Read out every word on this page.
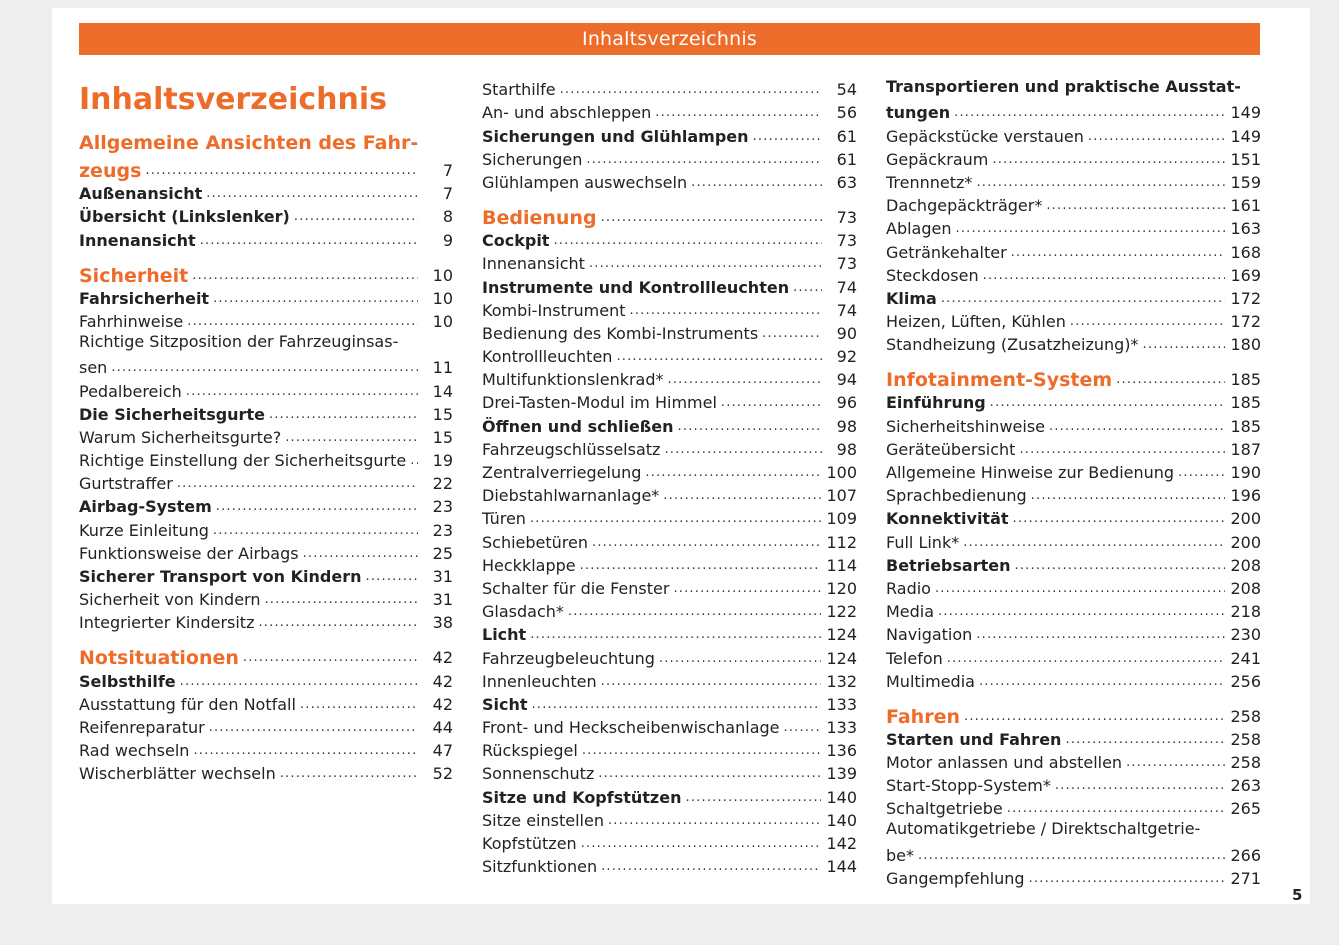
Inhaltsverzeichnis
Inhaltsverzeichnis
Allgemeine Ansichten des Fahr-
zeugs .....	7
Außenansicht .....	7
Übersicht (Linkslenker) .....	8
Innenansicht .....	9
Sicherheit .....	10
Fahrsicherheit .....	10
Fahrhinweise .....	10
Richtige Sitzposition der Fahrzeuginsas-
sen .....	11
Pedalbereich .....	14
Die Sicherheitsgurte .....	15
Warum Sicherheitsgurte? .....	15
Richtige Einstellung der Sicherheitsgurte .....	19
Gurtstraffer .....	22
Airbag-System .....	23
Kurze Einleitung .....	23
Funktionsweise der Airbags .....	25
Sicherer Transport von Kindern .....	31
Sicherheit von Kindern .....	31
Integrierter Kindersitz .....	38
Notsituationen .....	42
Selbsthilfe .....	42
Ausstattung für den Notfall .....	42
Reifenreparatur .....	44
Rad wechseln .....	47
Wischerblätter wechseln .....	52
Starthilfe .....	54
An- und abschleppen .....	56
Sicherungen und Glühlampen .....	61
Sicherungen .....	61
Glühlampen auswechseln .....	63
Bedienung .....	73
Cockpit .....	73
Innenansicht .....	73
Instrumente und Kontrollleuchten .....	74
Kombi-Instrument .....	74
Bedienung des Kombi-Instruments .....	90
Kontrollleuchten .....	92
Multifunktionslenkrad* .....	94
Drei-Tasten-Modul im Himmel .....	96
Öffnen und schließen .....	98
Fahrzeugschlüsselsatz .....	98
Zentralverriegelung .....	100
Diebstahlwarnanlage* .....	107
Türen .....	109
Schiebetüren .....	112
Heckklappe .....	114
Schalter für die Fenster .....	120
Glasdach* .....	122
Licht .....	124
Fahrzeugbeleuchtung .....	124
Innenleuchten .....	132
Sicht .....	133
Front- und Heckscheibenwischanlage .....	133
Rückspiegel .....	136
Sonnenschutz .....	139
Sitze und Kopfstützen .....	140
Sitze einstellen .....	140
Kopfstützen .....	142
Sitzfunktionen .....	144
Transportieren und praktische Ausstat-
tungen .....	149
Gepäckstücke verstauen .....	149
Gepäckraum .....	151
Trennnetz* .....	159
Dachgepäckträger* .....	161
Ablagen .....	163
Getränkehalter .....	168
Steckdosen .....	169
Klima .....	172
Heizen, Lüften, Kühlen .....	172
Standheizung (Zusatzheizung)* .....	180
Infotainment-System .....	185
Einführung .....	185
Sicherheitshinweise .....	185
Geräteübersicht .....	187
Allgemeine Hinweise zur Bedienung .....	190
Sprachbedienung .....	196
Konnektivität .....	200
Full Link* .....	200
Betriebsarten .....	208
Radio .....	208
Media .....	218
Navigation .....	230
Telefon .....	241
Multimedia .....	256
Fahren .....	258
Starten und Fahren .....	258
Motor anlassen und abstellen .....	258
Start-Stopp-System* .....	263
Schaltgetriebe .....	265
Automatikgetriebe / Direktschaltgetrie-
be* .....	266
Gangempfehlung .....	271
5
